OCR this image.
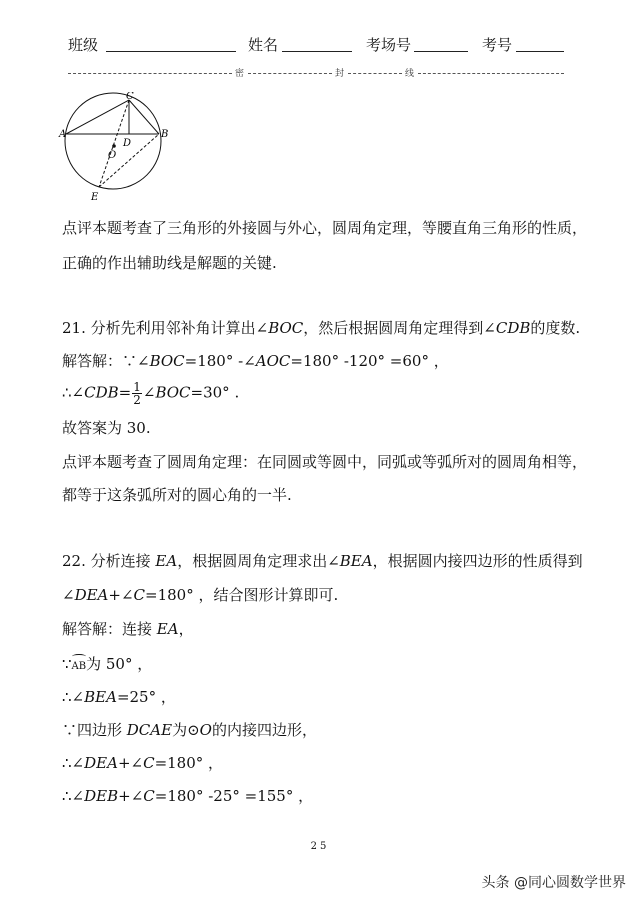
班级	姓名	考场号	考号
密	封	线
C
A	B
D
O
E
点评本题考查了三角形的外接圆与外心，圆周角定理，等腰直角三角形的性质，
正确的作出辅助线是解题的关键.
21. 分析先利用邻补角计算出∠BOC，然后根据圆周角定理得到∠CDB的度数.
解答解：∵∠BOC=180° -∠AOC=180° -120° =60° ，
∴∠CDB= $\frac{1}{2}$ ∠BOC=30° .
故答案为 30.
点评本题考查了圆周角定理：在同圆或等圆中，同弧或等弧所对的圆周角相等，
都等于这条弧所对的圆心角的一半.
22. 分析连接 EA，根据圆周角定理求出∠BEA，根据圆内接四边形的性质得到
∠DEA+∠C=180° ，结合图形计算即可.
解答解：连接 EA，
∵AB为 50° ，
∴∠BEA=25° ，
∵四边形 DCAE为⊙O的内接四边形，
∴∠DEA+∠C=180° ，
∴∠DEB+∠C=180° -25° =155° ，
25
头条 @同心圆数学世界
